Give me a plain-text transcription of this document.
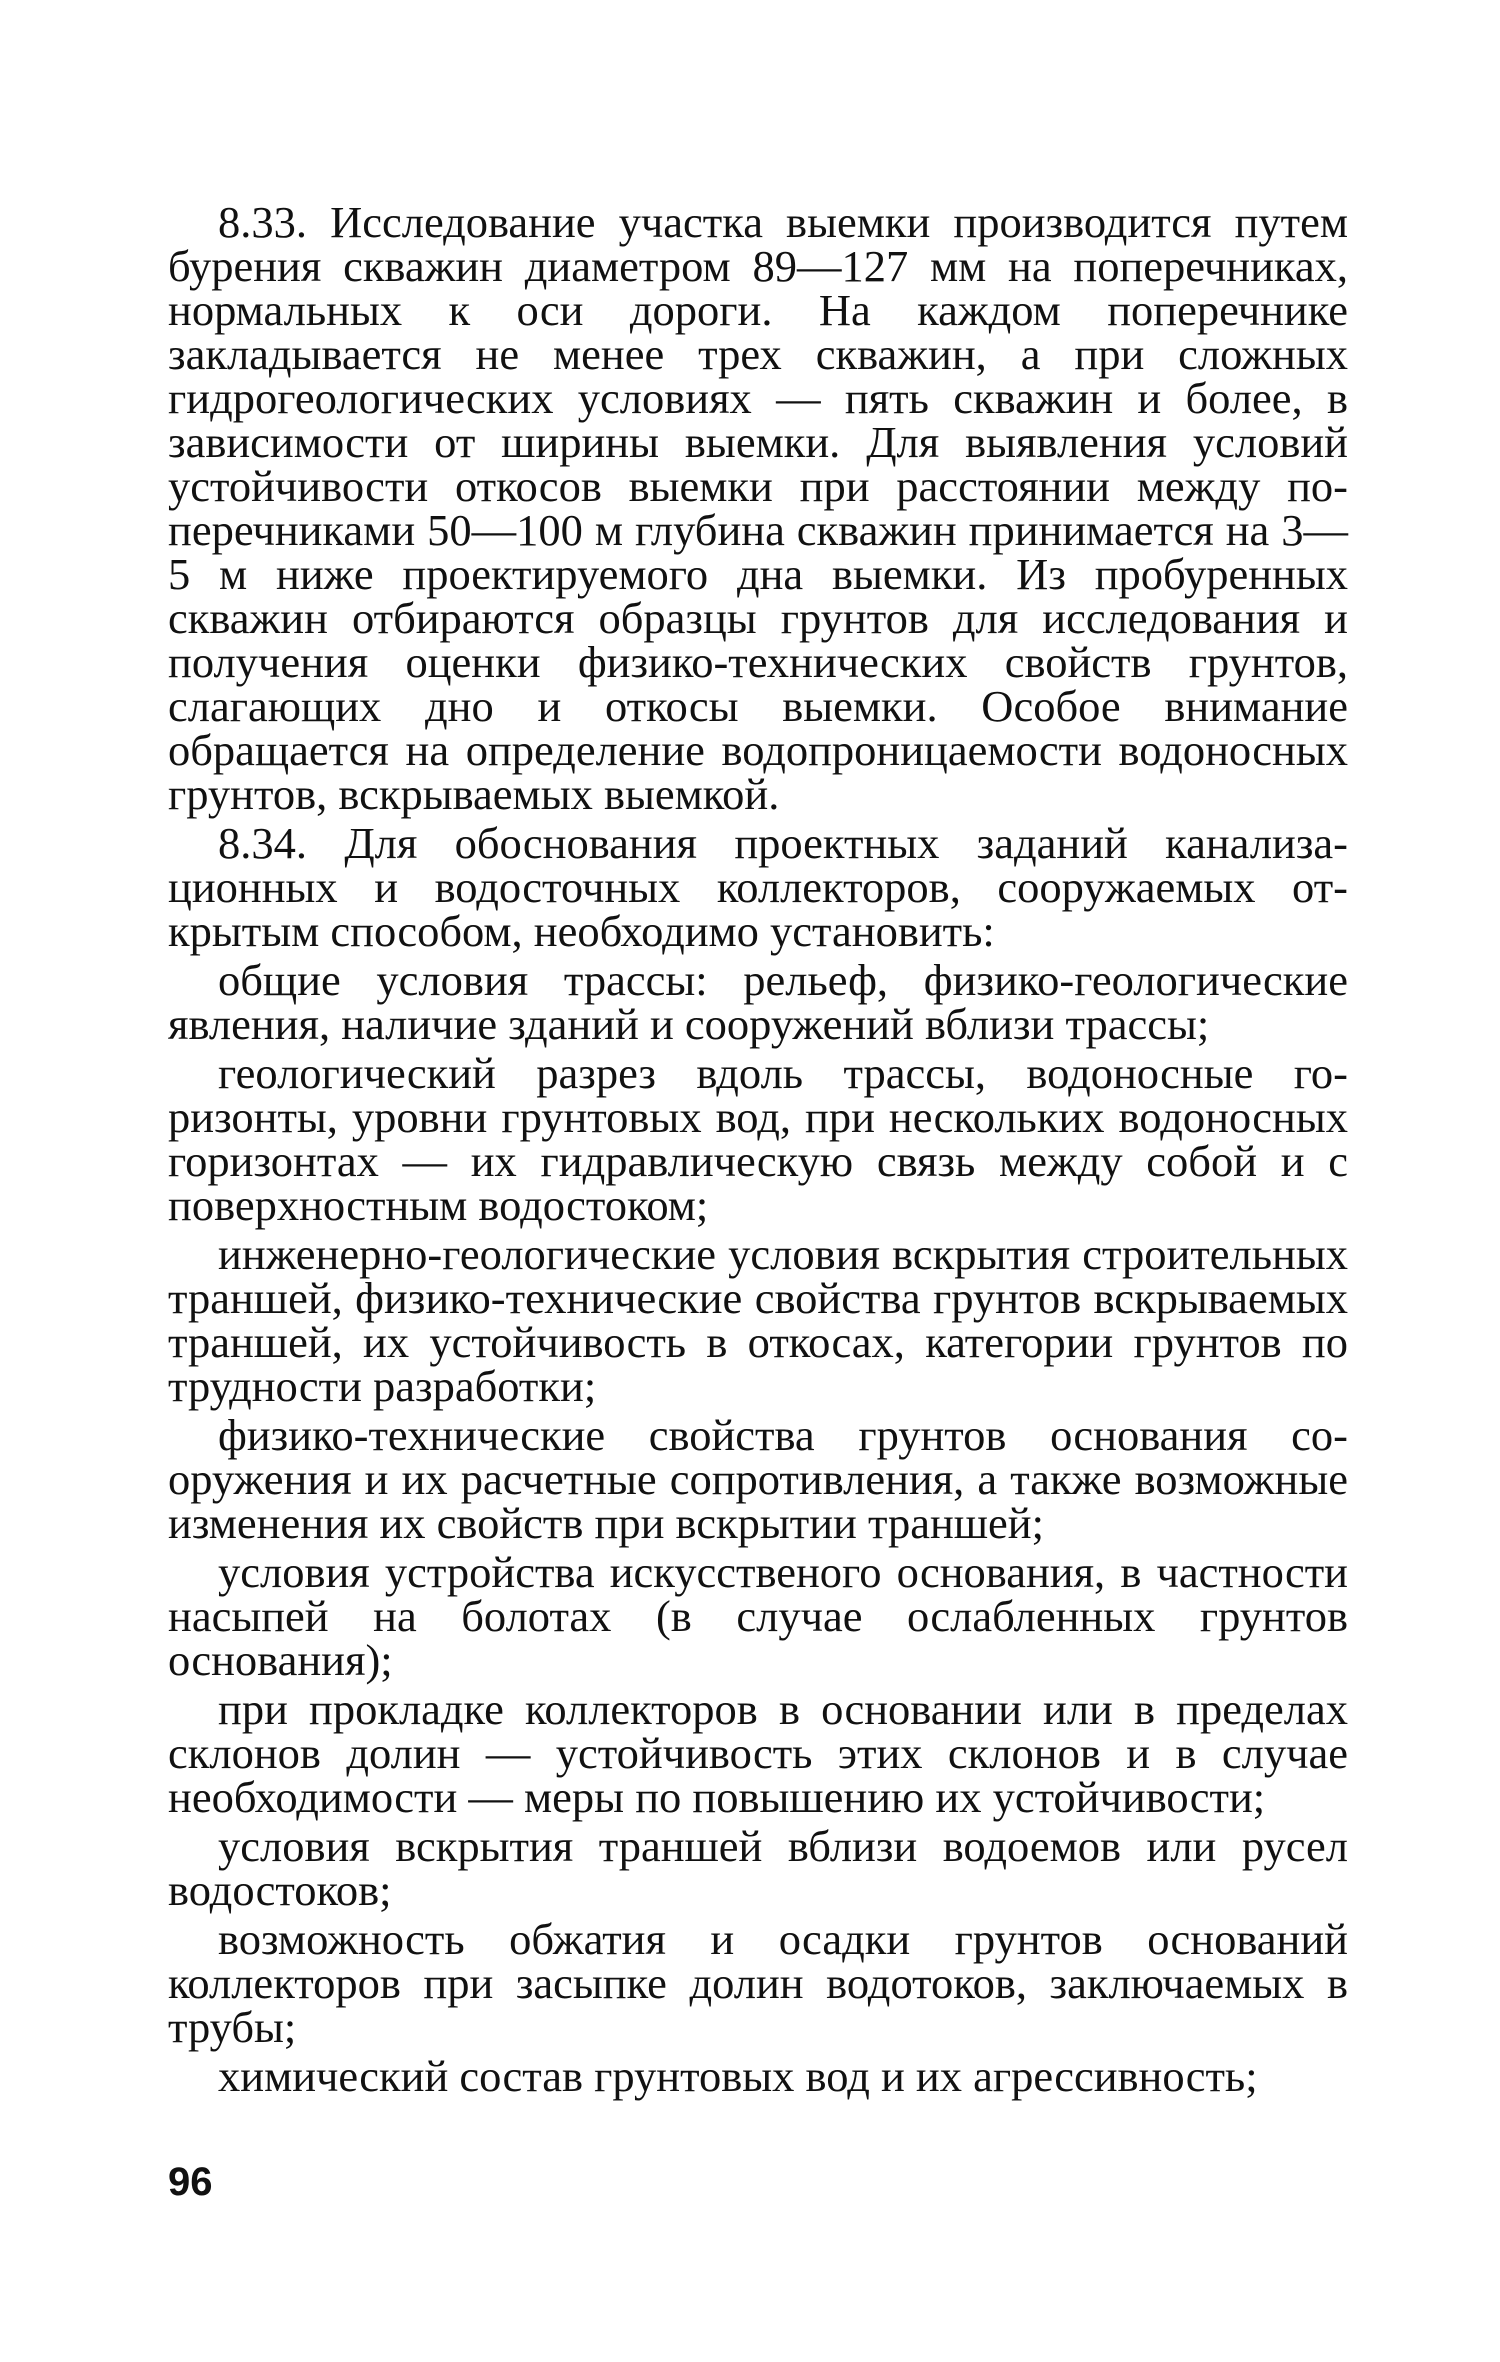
8.33. Исследование участка выемки производится путем бурения скважин диаметром 89—127 мм на поперечниках, нормальных к оси дороги. На каждом поперечнике закладывается не менее трех скважин, а при сложных гидрогеологических условиях — пять скважин и более, в зависимости от ширины выемки. Для выявления условий устойчивости откосов выемки при расстоянии между поперечниками 50—100 м глубина скважин принимается на 3—5 м ниже проектируемого дна выемки. Из пробуренных скважин отбираются образцы грунтов для исследования и получения оценки физико-технических свойств грунтов, слагающих дно и откосы выемки. Особое внимание обращается на определение водопроницаемости водоносных грунтов, вскрываемых выемкой.

8.34. Для обоснования проектных заданий канализационных и водосточных коллекторов, сооружаемых открытым способом, необходимо установить:

общие условия трассы: рельеф, физико-геологические явления, наличие зданий и сооружений вблизи трассы;

геологический разрез вдоль трассы, водоносные горизонты, уровни грунтовых вод, при нескольких водоносных горизонтах — их гидравлическую связь между собой и с поверхностным водостоком;

инженерно-геологические условия вскрытия строительных траншей, физико-технические свойства грунтов вскрываемых траншей, их устойчивость в откосах, категории грунтов по трудности разработки;

физико-технические свойства грунтов основания сооружения и их расчетные сопротивления, а также возможные изменения их свойств при вскрытии траншей;

условия устройства искусственого основания, в частности насыпей на болотах (в случае ослабленных грунтов основания);

при прокладке коллекторов в основании или в пределах склонов долин — устойчивость этих склонов и в случае необходимости — меры по повышению их устойчивости;

условия вскрытия траншей вблизи водоемов или русел водостоков;

возможность обжатия и осадки грунтов оснований коллекторов при засыпке долин водотоков, заключаемых в трубы;

химический состав грунтовых вод и их агрессивность;

96
